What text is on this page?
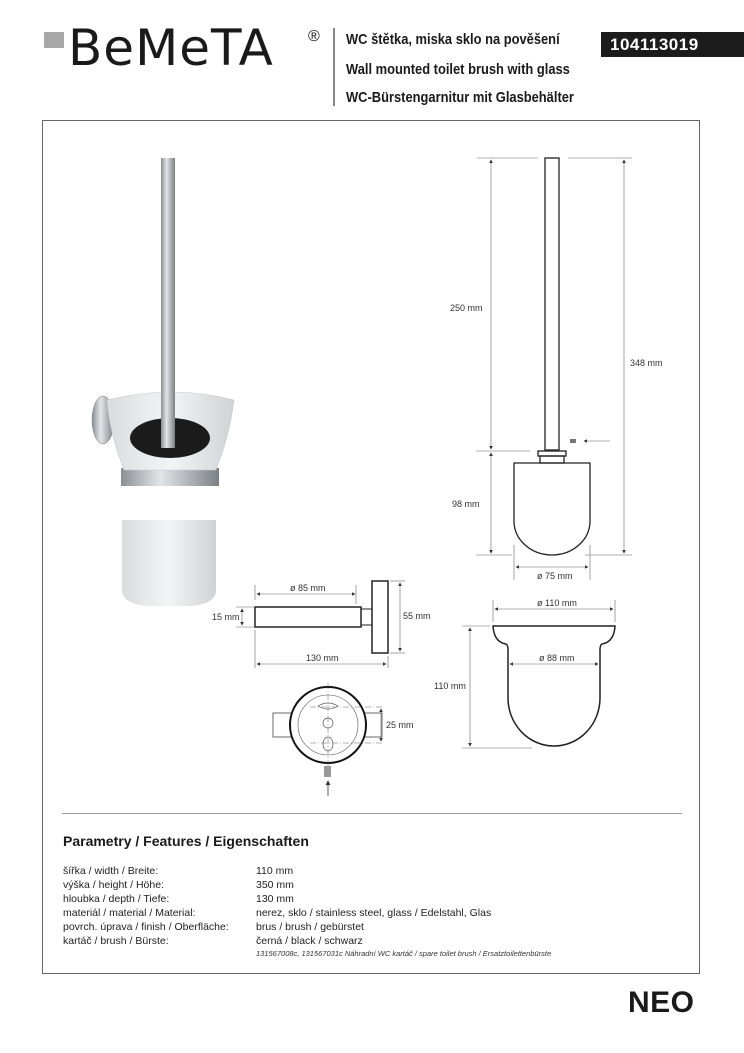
BeMeTA ® WC štětka, miska sklo na pověšení
Wall mounted toilet brush with glass
WC-Bürstengarnitur mit Glasbehälter
104113019
250 mm
348 mm
98 mm
ø 75 mm
ø 85 mm
15 mm	55 mm
130 mm
25 mm
ø 110 mm
ø 88 mm
110 mm
Parametry / Features / Eigenschaften
šířka / width / Breite:	110 mm
výška / height / Höhe:	350 mm
hloubka / depth / Tiefe:	130 mm
materiál / material / Material:	nerez, sklo / stainless steel, glass / Edelstahl, Glas
povrch. úprava / finish / Oberfläche:	brus / brush / gebürstet
kartáč / brush / Bürste:	černá / black / schwarz
131567008c, 131567031c Náhradní WC kartáč / spare toilet brush / Ersatztoilettenbürste
NEO
